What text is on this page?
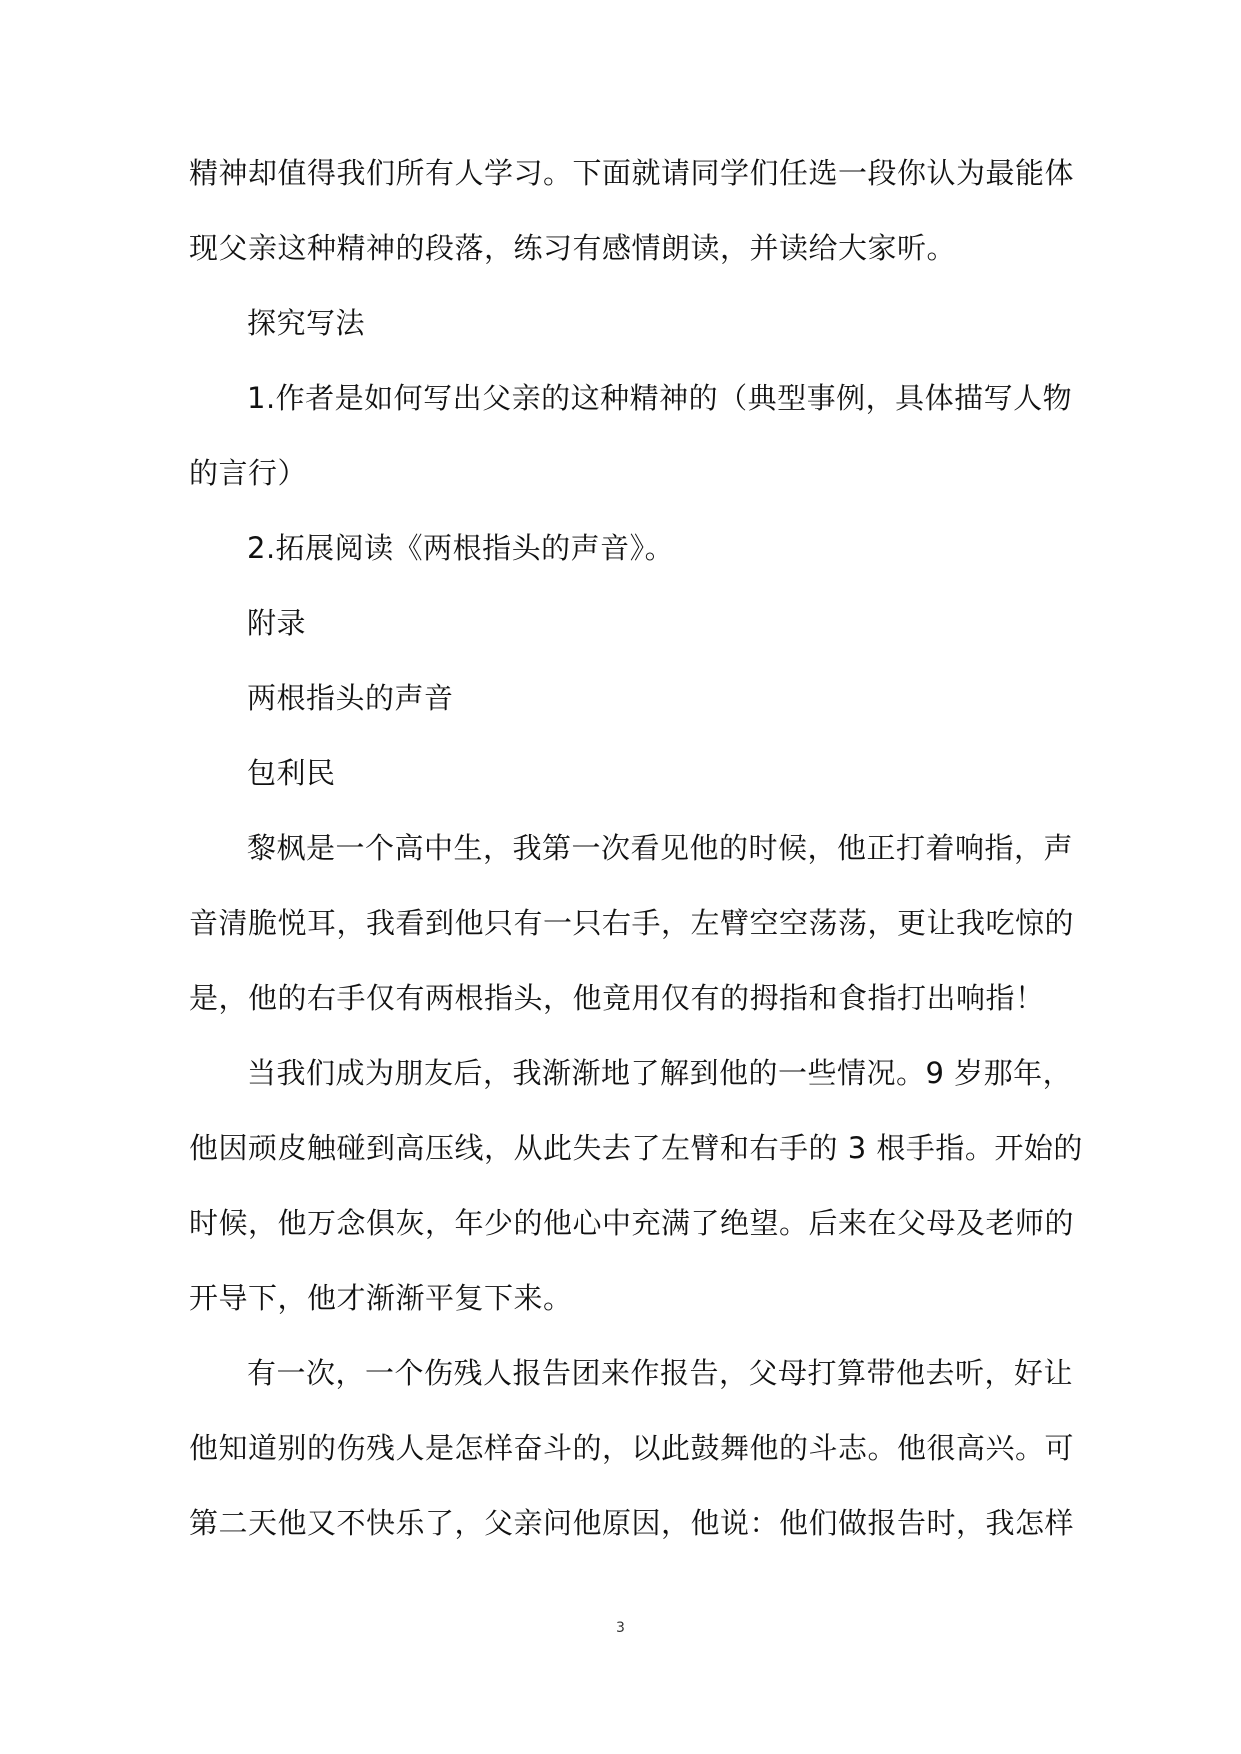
精神却值得我们所有人学习。下面就请同学们任选一段你认为最能体
现父亲这种精神的段落，练习有感情朗读，并读给大家听。
探究写法
1.作者是如何写出父亲的这种精神的（典型事例，具体描写人物
的言行）
2.拓展阅读《两根指头的声音》。
附录
两根指头的声音
包利民
黎枫是一个高中生，我第一次看见他的时候，他正打着响指，声
音清脆悦耳，我看到他只有一只右手，左臂空空荡荡，更让我吃惊的
是，他的右手仅有两根指头，他竟用仅有的拇指和食指打出响指！
当我们成为朋友后，我渐渐地了解到他的一些情况。9 岁那年，
他因顽皮触碰到高压线，从此失去了左臂和右手的 3 根手指。开始的
时候，他万念俱灰，年少的他心中充满了绝望。后来在父母及老师的
开导下，他才渐渐平复下来。
有一次，一个伤残人报告团来作报告，父母打算带他去听，好让
他知道别的伤残人是怎样奋斗的，以此鼓舞他的斗志。他很高兴。可
第二天他又不快乐了，父亲问他原因，他说：他们做报告时，我怎样
3
